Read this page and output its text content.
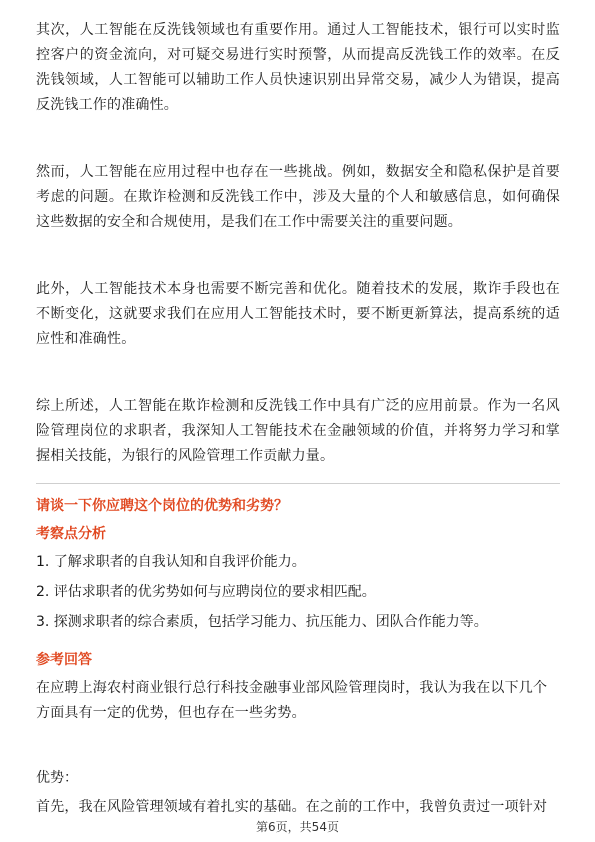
其次，人工智能在反洗钱领域也有重要作用。通过人工智能技术，银行可以实时监控客户的资金流向，对可疑交易进行实时预警，从而提高反洗钱工作的效率。在反洗钱领域，人工智能可以辅助工作人员快速识别出异常交易，减少人为错误，提高反洗钱工作的准确性。

然而，人工智能在应用过程中也存在一些挑战。例如，数据安全和隐私保护是首要考虑的问题。在欺诈检测和反洗钱工作中，涉及大量的个人和敏感信息，如何确保这些数据的安全和合规使用，是我们在工作中需要关注的重要问题。

此外，人工智能技术本身也需要不断完善和优化。随着技术的发展，欺诈手段也在不断变化，这就要求我们在应用人工智能技术时，要不断更新算法，提高系统的适应性和准确性。

综上所述，人工智能在欺诈检测和反洗钱工作中具有广泛的应用前景。作为一名风险管理岗位的求职者，我深知人工智能技术在金融领域的价值，并将努力学习和掌握相关技能，为银行的风险管理工作贡献力量。

请谈一下你应聘这个岗位的优势和劣势？

考察点分析

1. 了解求职者的自我认知和自我评价能力。
2. 评估求职者的优劣势如何与应聘岗位的要求相匹配。
3. 探测求职者的综合素质，包括学习能力、抗压能力、团队合作能力等。

参考回答

在应聘上海农村商业银行总行科技金融事业部风险管理岗时，我认为我在以下几个方面具有一定的优势，但也存在一些劣势。

优势：

首先，我在风险管理领域有着扎实的基础。在之前的工作中，我曾负责过一项针对

第6页，共54页
